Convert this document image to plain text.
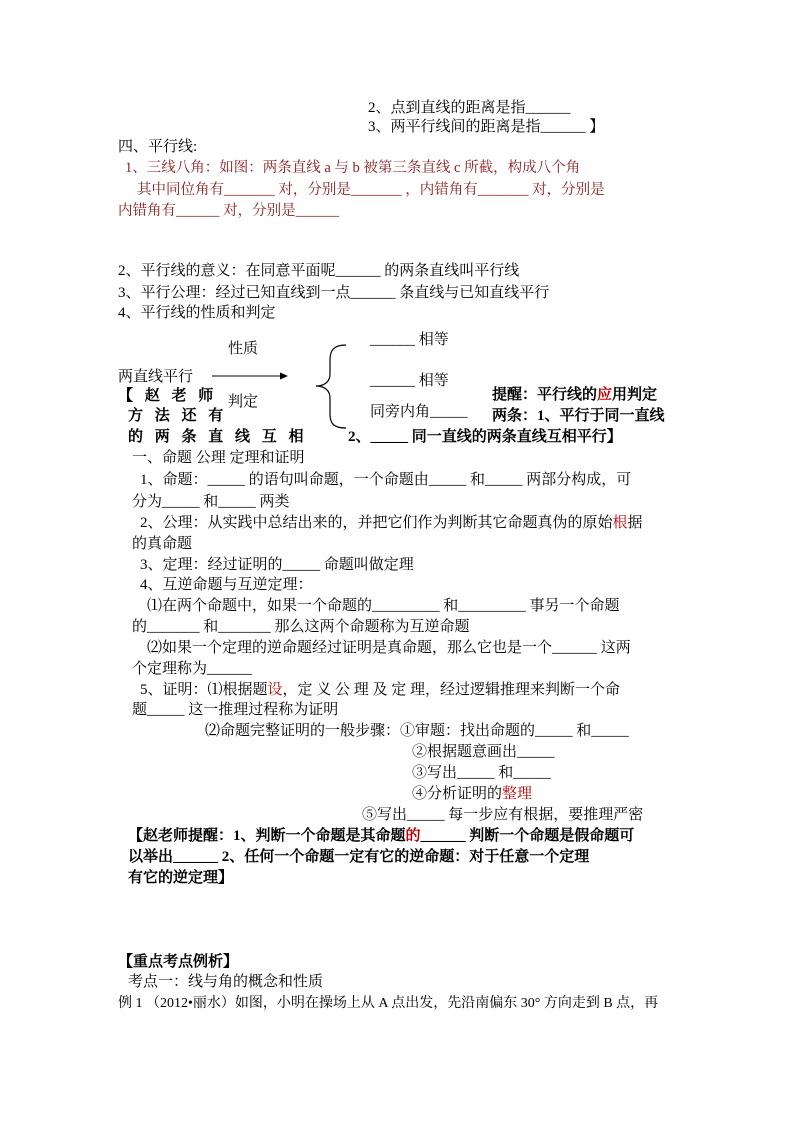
2、点到直线的距离是指______
3、两平行线间的距离是指______ 】
四、平行线:
1、三线八角：如图：两条直线 a 与 b 被第三条直线 c 所截，构成八个角
其中同位角有_______ 对，分别是_______ ，内错角有_______ 对，分别是
内错角有______ 对，分别是______
2、平行线的意义：在同意平面呢______ 的两条直线叫平行线
3、平行公理：经过已知直线到一点______ 条直线与已知直线平行
4、平行线的性质和判定
性质
______ 相等
两直线平行	______ 相等
判定
同旁内角_____
【 赵 老 师
方 法 还 有
的 两 条 直 线 互 相
提醒：平行线的应用判定
两条：1、平行于同一直线
2、_____ 同一直线的两条直线互相平行】
一、命题 公理 定理和证明
1、命题：_____ 的语句叫命题，一个命题由_____ 和_____ 两部分构成，可
分为_____ 和_____ 两类
2、公理：从实践中总结出来的，并把它们作为判断其它命题真伪的原始根据
的真命题
3、定理：经过证明的_____ 命题叫做定理
4、互逆命题与互逆定理：
⑴在两个命题中，如果一个命题的_________ 和_________ 事另一个命题
的_______ 和_______ 那么这两个命题称为互逆命题
⑵如果一个定理的逆命题经过证明是真命题，那么它也是一个______ 这两
个定理称为______
5、证明：⑴根据题设，定 义 公 理 及 定 理，经过逻辑推理来判断一个命
题_____ 这一推理过程称为证明
⑵命题完整证明的一般步骤：①审题：找出命题的_____ 和_____
②根据题意画出_____
③写出_____ 和_____
④分析证明的整理
⑤写出_____ 每一步应有根据，要推理严密
【赵老师提醒：1、判断一个命题是其命题的______ 判断一个命题是假命题可
以举出______ 2、任何一个命题一定有它的逆命题：对于任意一个定理
有它的逆定理】
【重点考点例析】
考点一：线与角的概念和性质
例 1 （2012•丽水）如图，小明在操场上从 A 点出发，先沿南偏东 30° 方向走到 B 点，再
